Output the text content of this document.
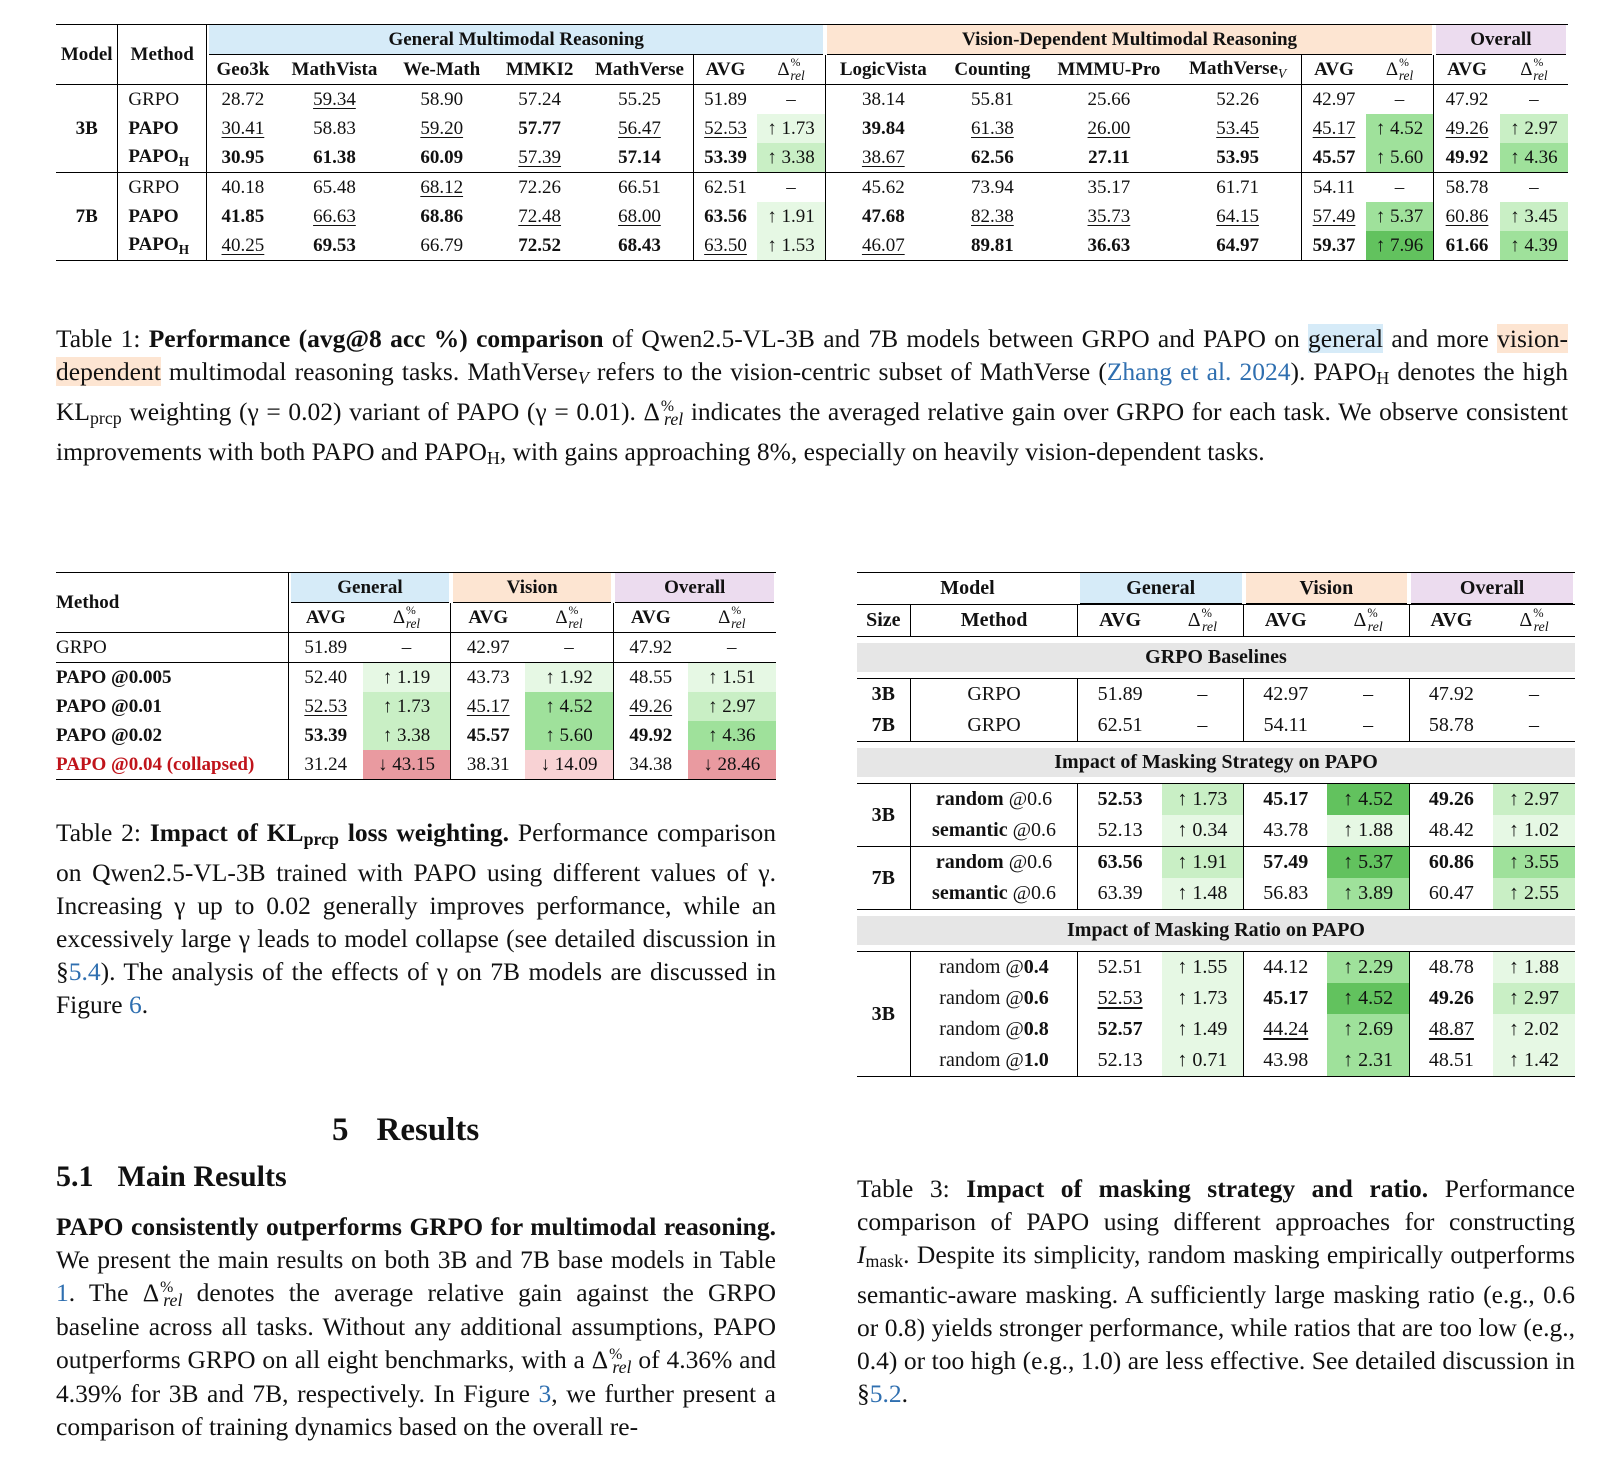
Model	Method	General Multimodal Reasoning							Vision-Dependent Multimodal Reasoning						Overall	

		Geo3k	MathVista	We-Math	MMKI2	MathVerse	AVG	$\Delta^{\%}_{rel}$	LogicVista	Counting	MMMU-Pro	MathVerse$_V$	AVG	$\Delta^{\%}_{rel}$	AVG	$\Delta^{\%}_{rel}$
3B	GRPO	28.72	59.34	58.90	57.24	55.25	51.89	–	38.14	55.81	25.66	52.26	42.97	–	47.92	–
	PAPO	30.41	58.83	59.20	57.77	56.47	52.53	↑ 1.73	39.84	61.38	26.00	53.45	45.17	↑ 4.52	49.26	↑ 2.97
	$PAPO_H$	30.95	61.38	60.09	57.39	57.14	53.39	↑ 3.38	38.67	62.56	27.11	53.95	45.57	↑ 5.60	49.92	↑ 4.36
7B	GRPO	40.18	65.48	68.12	72.26	66.51	62.51	–	45.62	73.94	35.17	61.71	54.11	–	58.78	–
	PAPO	41.85	66.63	68.86	72.48	68.00	63.56	↑ 1.91	47.68	82.38	35.73	64.15	57.49	↑ 5.37	60.86	↑ 3.45
	$PAPO_H$	40.25	69.53	66.79	72.52	68.43	63.50	↑ 1.53	46.07	89.81	36.63	64.97	59.37	↑ 7.96	61.66	↑ 4.39
Table 1: Performance (avg@8 acc %) comparison of Qwen2.5-VL-3B and 7B models between GRPO and PAPO on general and more vision-dependent multimodal reasoning tasks. MathVerse$_V$ refers to the vision-centric subset of MathVerse (Zhang et al. 2024). $PAPO_H$ denotes the high $KL_{prcp}$ weighting (γ = 0.02) variant of PAPO (γ = 0.01). Δ%rel indicates the averaged relative gain over GRPO for each task. We observe consistent improvements with both PAPO and $PAPO_H$, with gains approaching 8%, especially on heavily vision-dependent tasks.
Method	General		Vision		Overall	

	AVG	$\Delta^{\%}_{rel}$	AVG	$\Delta^{\%}_{rel}$	AVG	$\Delta^{\%}_{rel}$
GRPO	51.89	–	42.97	–	47.92	–
PAPO @0.005	52.40	↑ 1.19	43.73	↑ 1.92	48.55	↑ 1.51
PAPO @0.01	52.53	↑ 1.73	45.17	↑ 4.52	49.26	↑ 2.97
PAPO @0.02	53.39	↑ 3.38	45.57	↑ 5.60	49.92	↑ 4.36
PAPO @0.04 (collapsed)	31.24	↓ 43.15	38.31	↓ 14.09	34.38	↓ 28.46
Table 2: Impact of $KL_{prcp}$ loss weighting. Performance comparison on Qwen2.5-VL-3B trained with PAPO using different values of γ. Increasing γ up to 0.02 generally improves performance, while an excessively large γ leads to model collapse (see detailed discussion in §5.4). The analysis of the effects of γ on 7B models are discussed in Figure 6.
5 Results
5.1 Main Results
PAPO consistently outperforms GRPO for multimodal reasoning. We present the main results on both 3B and 7B base models in Table 1. The Δ%rel denotes the average relative gain against the GRPO baseline across all tasks. Without any additional assumptions, PAPO outperforms GRPO on all eight benchmarks, with a Δ%rel of 4.36% and 4.39% for 3B and 7B, respectively. In Figure 3, we further present a comparison of training dynamics based on the overall re-
Model		General		Vision		Overall	

Size	Method	AVG	$\Delta^{\%}_{rel}$	AVG	$\Delta^{\%}_{rel}$	AVG	$\Delta^{\%}_{rel}$

GRPO Baselines							

3B	GRPO	51.89	–	42.97	–	47.92	–
7B	GRPO	62.51	–	54.11	–	58.78	–

Impact of Masking Strategy on PAPO							

3B	random @0.6	52.53	↑ 1.73	45.17	↑ 4.52	49.26	↑ 2.97
	semantic @0.6	52.13	↑ 0.34	43.78	↑ 1.88	48.42	↑ 1.02
7B	random @0.6	63.56	↑ 1.91	57.49	↑ 5.37	60.86	↑ 3.55
	semantic @0.6	63.39	↑ 1.48	56.83	↑ 3.89	60.47	↑ 2.55

Impact of Masking Ratio on PAPO							

3B	random @0.4	52.51	↑ 1.55	44.12	↑ 2.29	48.78	↑ 1.88
	random @0.6	52.53	↑ 1.73	45.17	↑ 4.52	49.26	↑ 2.97
	random @0.8	52.57	↑ 1.49	44.24	↑ 2.69	48.87	↑ 2.02
	random @1.0	52.13	↑ 0.71	43.98	↑ 2.31	48.51	↑ 1.42
Table 3: Impact of masking strategy and ratio. Performance comparison of PAPO using different approaches for constructing $I_{mask}$. Despite its simplicity, random masking empirically outperforms semantic-aware masking. A sufficiently large masking ratio (e.g., 0.6 or 0.8) yields stronger performance, while ratios that are too low (e.g., 0.4) or too high (e.g., 1.0) are less effective. See detailed discussion in §5.2.
